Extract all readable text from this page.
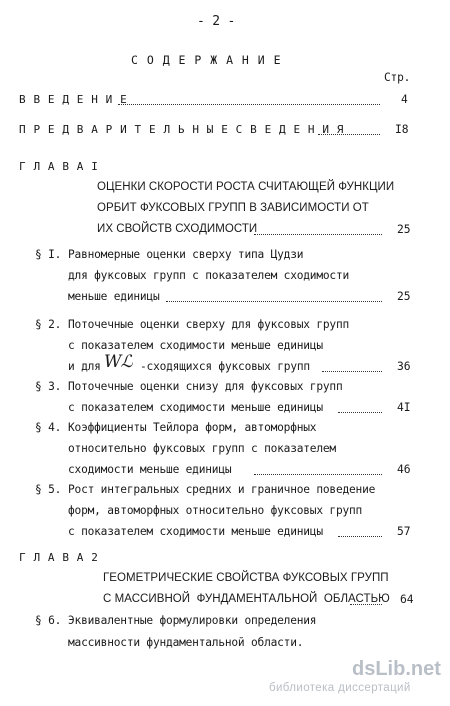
- 2 -
С О Д Е Р Ж А Н И Е
Стр.
В В Е Д Е Н И Е	4
П Р Е Д В А Р И Т Е Л Ь Н Ы Е С В Е Д Е Н И Я	I8
Г Л А В А I
ОЦЕНКИ СКОРОСТИ РОСТА СЧИТАЮЩЕЙ ФУНКЦИИ
ОРБИТ ФУКСОВЫХ ГРУПП В ЗАВИСИМОСТИ ОТ
ИХ СВОЙСТВ СХОДИМОСТИ	25
§ I. Равномерные оценки сверху типа Цудзи
для фуксовых групп с показателем сходимости
меньше единицы	25
§ 2. Поточечные оценки сверху для фуксовых групп
с показателем сходимости меньше единицы
и для Wℒ -сходящихся фуксовых групп	36
§ 3. Поточечные оценки снизу для фуксовых групп
с показателем сходимости меньше единицы	4I
§ 4. Коэффициенты Тейлора форм, автоморфных
относительно фуксовых групп с показателем
сходимости меньше единицы	46
§ 5. Рост интегральных средних и граничное поведение
форм, автоморфных относительно фуксовых групп
с показателем сходимости меньше единицы	57
Г Л А В А 2
ГЕОМЕТРИЧЕСКИЕ СВОЙСТВА ФУКСОВЫХ ГРУПП
С МАССИВНОЙ  ФУНДАМЕНТАЛЬНОЙ  ОБЛАСТЬЮ 64
§ 6. Эквивалентные формулировки определения
массивности фундаментальной области.
dsLib.net
библиотека диссертаций
